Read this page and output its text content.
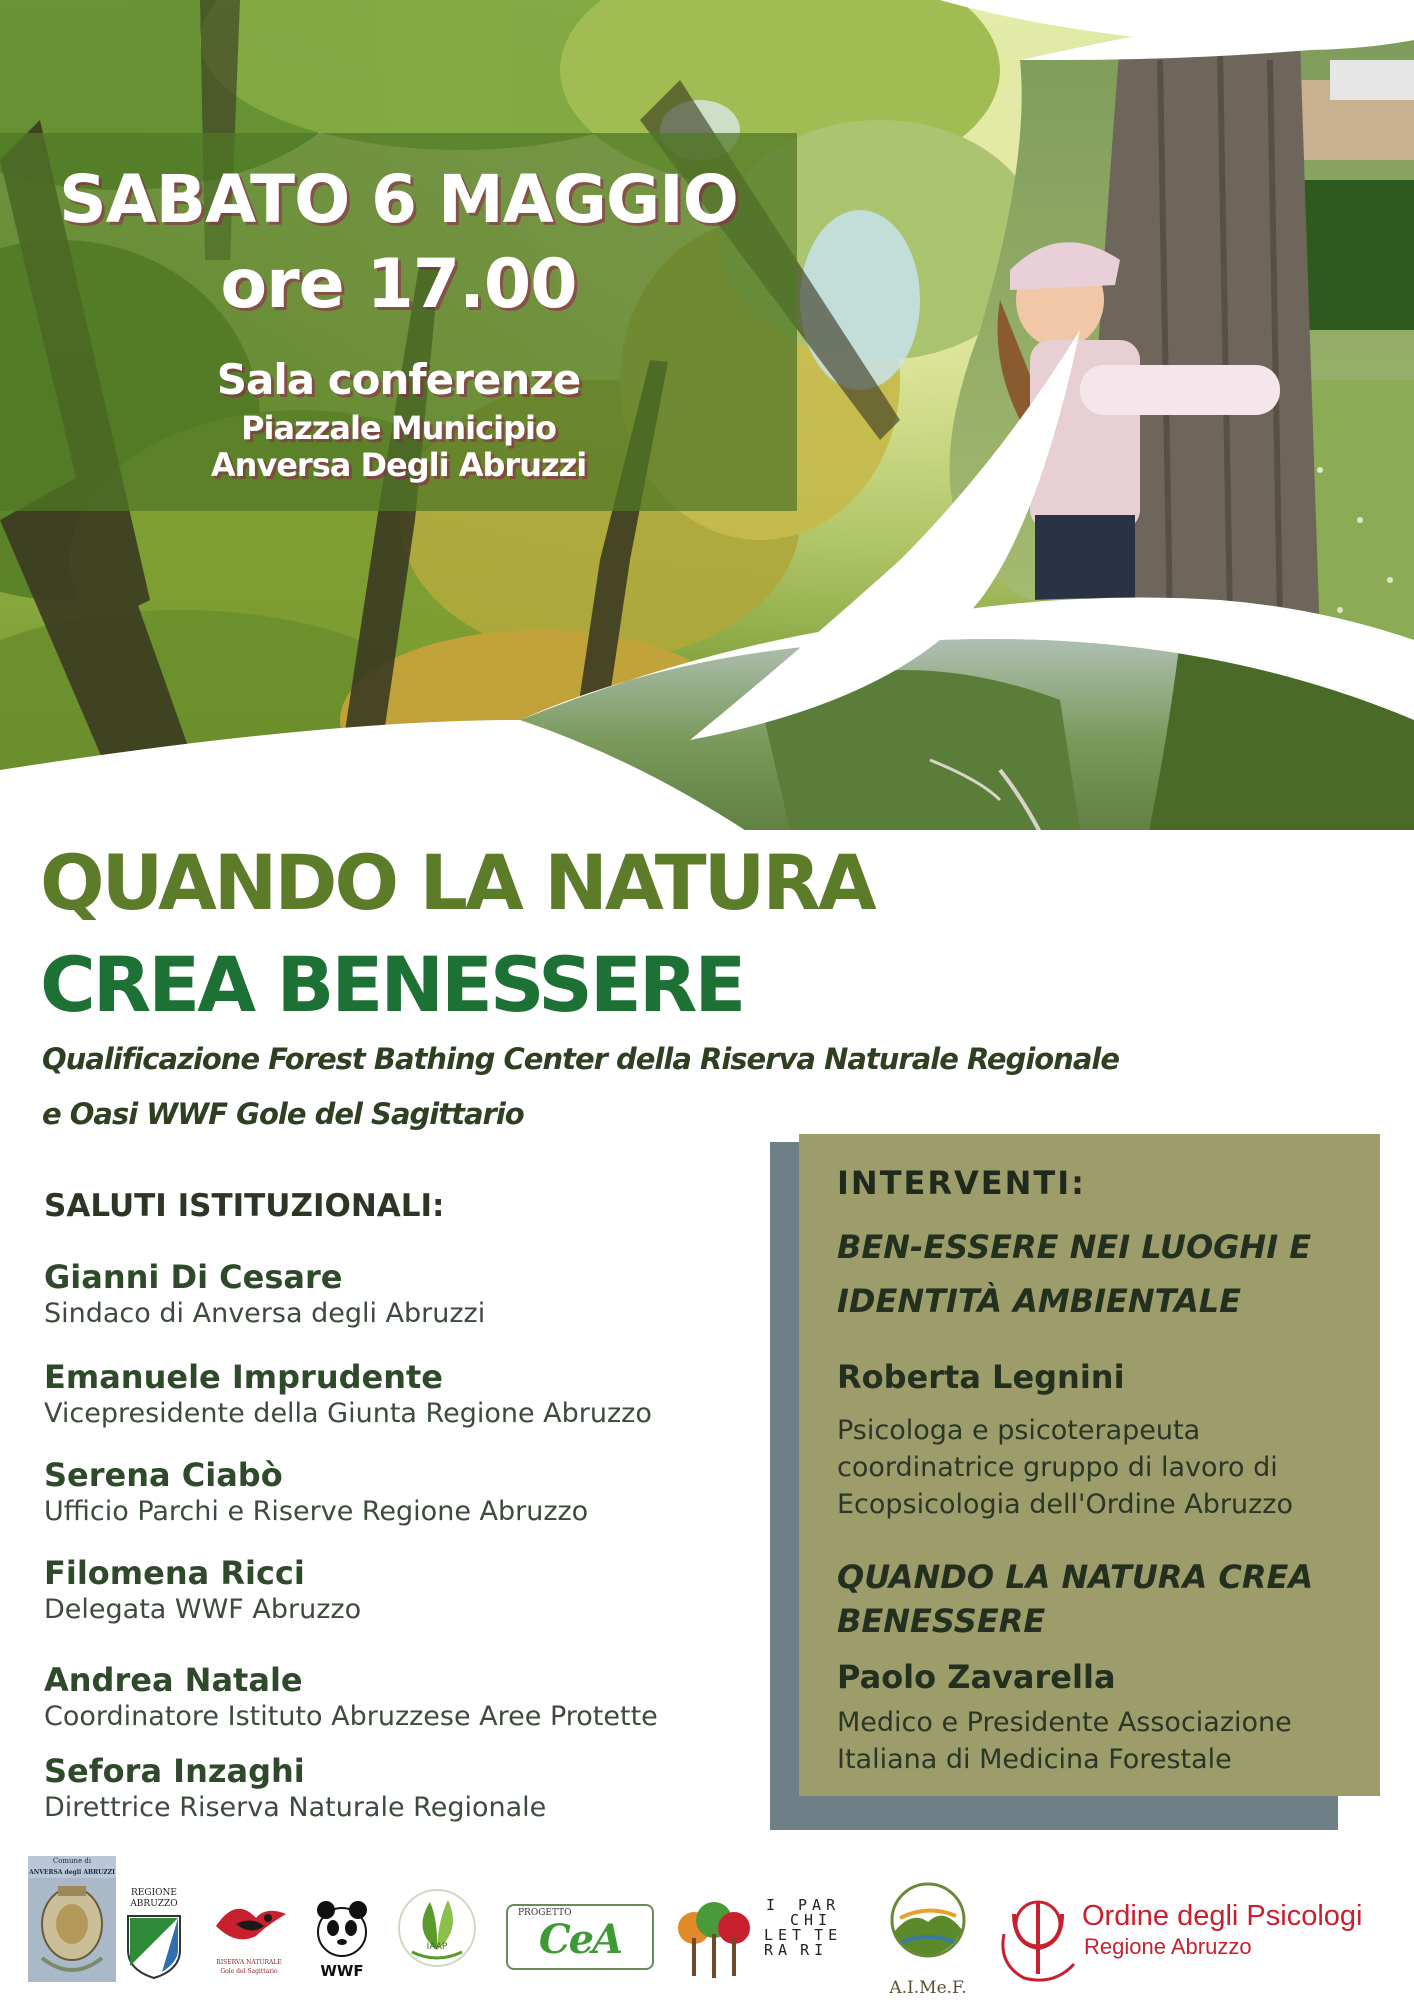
SABATO 6 MAGGIO
ore 17.00
Sala conferenze
Piazzale Municipio
Anversa Degli Abruzzi
QUANDO LA NATURA
CREA BENESSERE
Qualificazione Forest Bathing Center della Riserva Naturale Regionale
e Oasi WWF Gole del Sagittario
SALUTI ISTITUZIONALI:
Gianni Di Cesare
Sindaco di Anversa degli Abruzzi
Emanuele Imprudente
Vicepresidente della Giunta Regione Abruzzo
Serena Ciabò
Ufficio Parchi e Riserve Regione Abruzzo
Filomena Ricci
Delegata WWF Abruzzo
Andrea Natale
Coordinatore Istituto Abruzzese Aree Protette
Sefora Inzaghi
Direttrice Riserva Naturale Regionale
INTERVENTI:
BEN-ESSERE NEI LUOGHI E
IDENTITÀ AMBIENTALE
Roberta Legnini
Psicologa e psicoterapeuta
coordinatrice gruppo di lavoro di
Ecopsicologia dell'Ordine Abruzzo
QUANDO LA NATURA CREA
BENESSERE
Paolo Zavarella
Medico e Presidente Associazione
Italiana di Medicina Forestale
Comune di
ANVERSA degli ABRUZZI
REGIONE
ABRUZZO
RISERVA NATURALE
Gole del Sagittario	WWF
IAAP
PROGETTO
CeA
I PAR
CHI
LET TE
RA RI
A.I.Me.F.
Ordine degli Psicologi
Regione Abruzzo
